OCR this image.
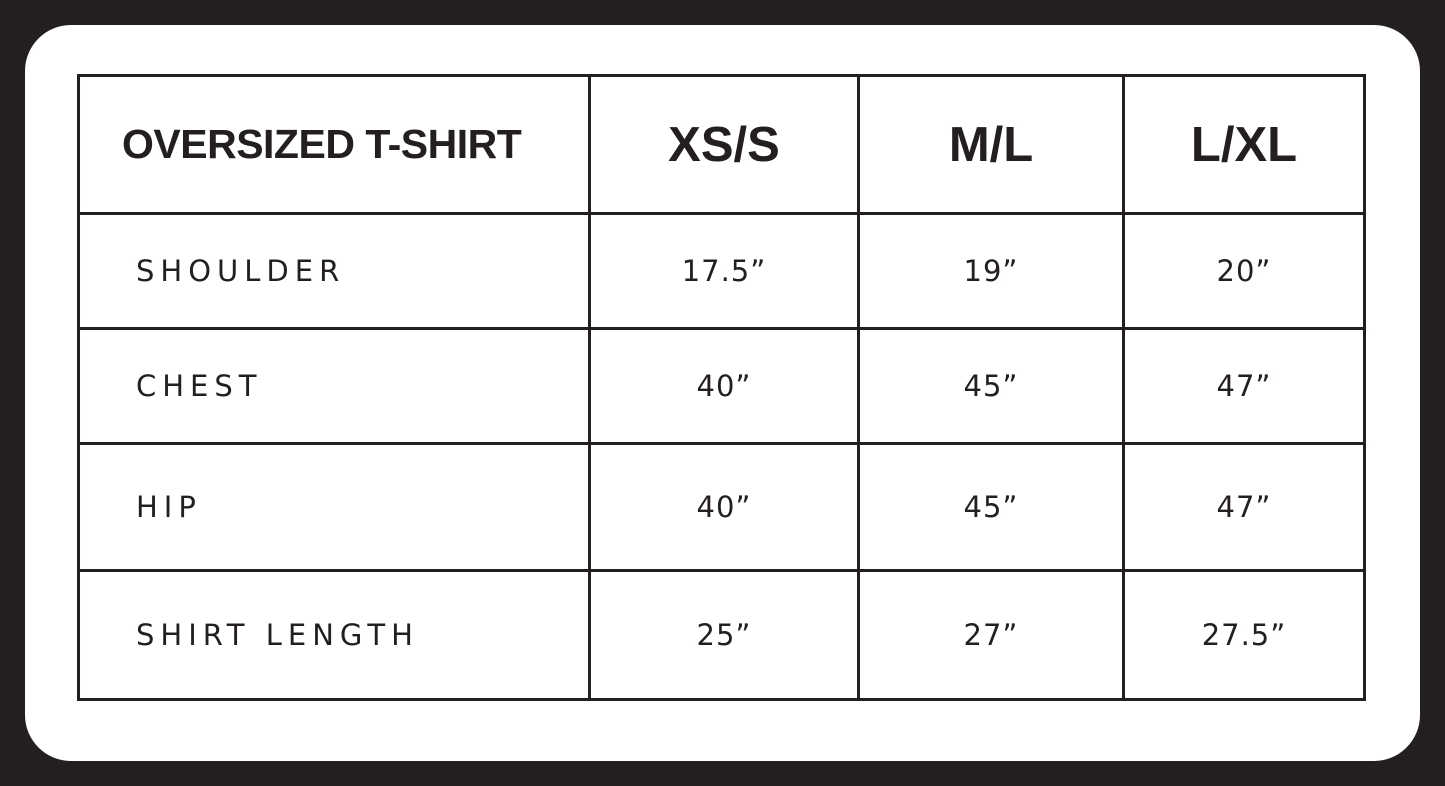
OVERSIZED T-SHIRT	XS/S	M/L	L/XL
SHOULDER	17.5”	19”	20”
CHEST	40”	45”	47”
HIP	40”	45”	47”
SHIRT LENGTH	25”	27”	27.5”
